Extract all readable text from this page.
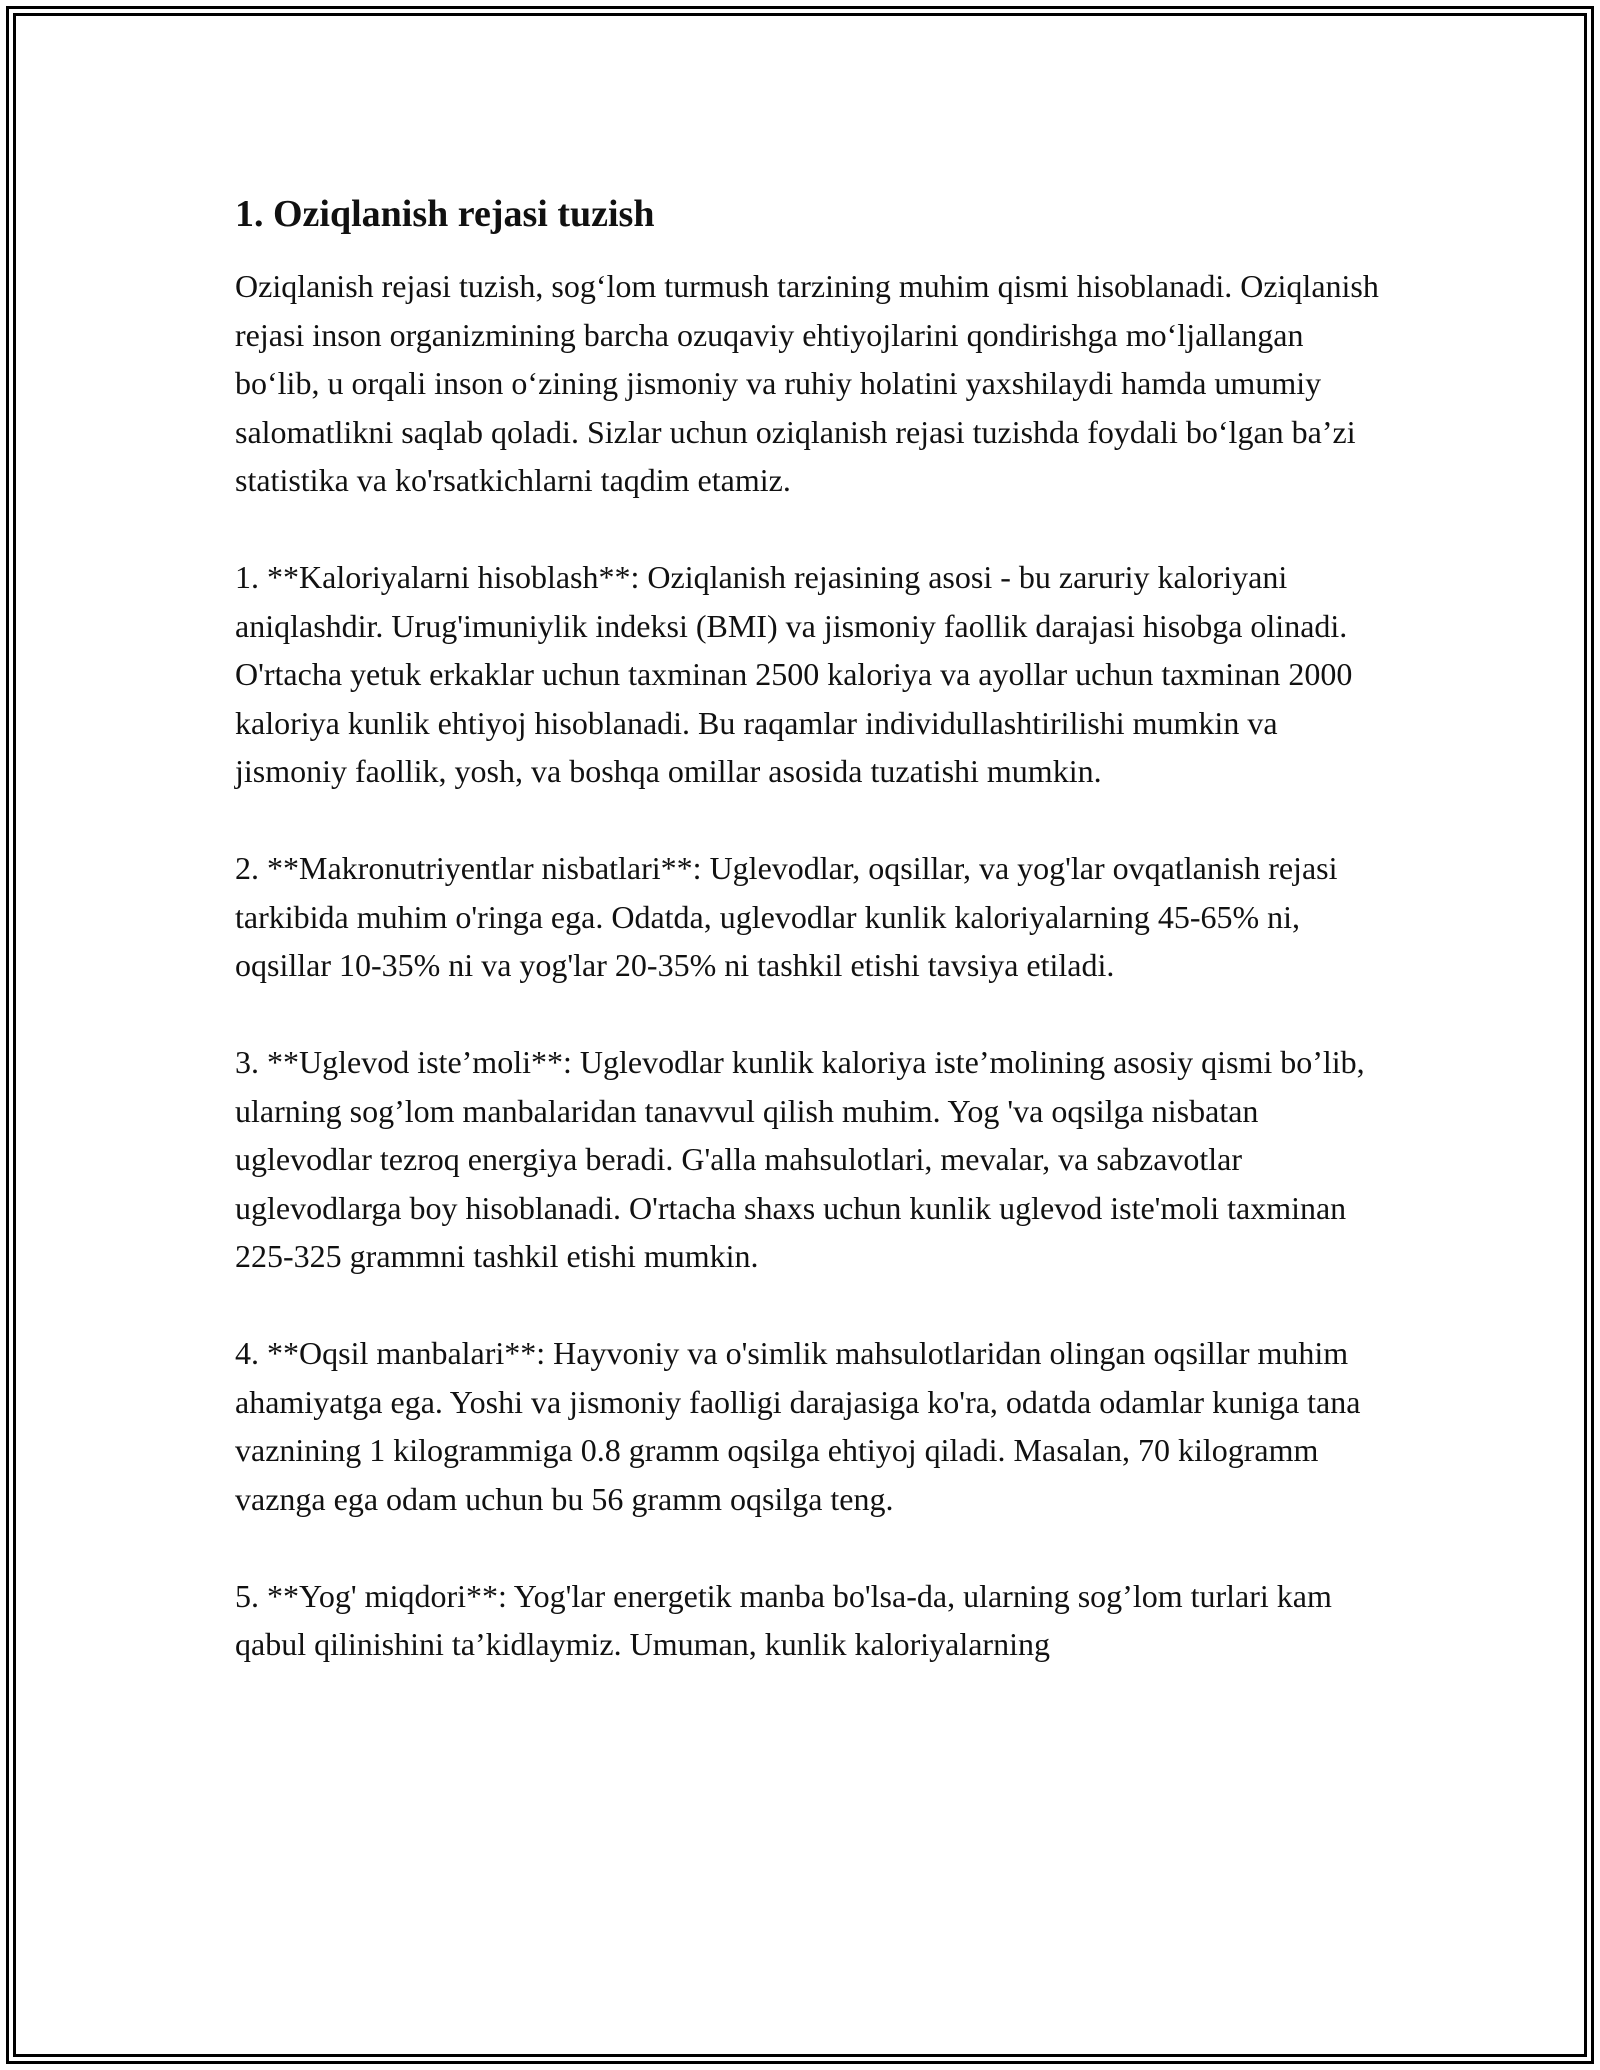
1. Oziqlanish rejasi tuzish

Oziqlanish rejasi tuzish, sog‘lom turmush tarzining muhim qismi hisoblanadi. Oziqlanish rejasi inson organizmining barcha ozuqaviy ehtiyojlarini qondirishga mo‘ljallangan bo‘lib, u orqali inson o‘zining jismoniy va ruhiy holatini yaxshilaydi hamda umumiy salomatlikni saqlab qoladi. Sizlar uchun oziqlanish rejasi tuzishda foydali bo‘lgan ba’zi statistika va ko'rsatkichlarni taqdim etamiz.

1. **Kaloriyalarni hisoblash**: Oziqlanish rejasining asosi - bu zaruriy kaloriyani aniqlashdir. Urug'imuniylik indeksi (BMI) va jismoniy faollik darajasi hisobga olinadi. O'rtacha yetuk erkaklar uchun taxminan 2500 kaloriya va ayollar uchun taxminan 2000 kaloriya kunlik ehtiyoj hisoblanadi. Bu raqamlar individullashtirilishi mumkin va jismoniy faollik, yosh, va boshqa omillar asosida tuzatishi mumkin.

2. **Makronutriyentlar nisbatlari**: Uglevodlar, oqsillar, va yog'lar ovqatlanish rejasi tarkibida muhim o'ringa ega. Odatda, uglevodlar kunlik kaloriyalarning 45-65% ni, oqsillar 10-35% ni va yog'lar 20-35% ni tashkil etishi tavsiya etiladi.

3. **Uglevod iste’moli**: Uglevodlar kunlik kaloriya iste’molining asosiy qismi bo’lib, ularning sog’lom manbalaridan tanavvul qilish muhim. Yog 'va oqsilga nisbatan uglevodlar tezroq energiya beradi. G'alla mahsulotlari, mevalar, va sabzavotlar uglevodlarga boy hisoblanadi. O'rtacha shaxs uchun kunlik uglevod iste'moli taxminan 225-325 grammni tashkil etishi mumkin.

4. **Oqsil manbalari**: Hayvoniy va o'simlik mahsulotlaridan olingan oqsillar muhim ahamiyatga ega. Yoshi va jismoniy faolligi darajasiga ko'ra, odatda odamlar kuniga tana vaznining 1 kilogrammiga 0.8 gramm oqsilga ehtiyoj qiladi. Masalan, 70 kilogramm vaznga ega odam uchun bu 56 gramm oqsilga teng.

5. **Yog' miqdori**: Yog'lar energetik manba bo'lsa-da, ularning sog’lom turlari kam qabul qilinishini ta’kidlaymiz. Umuman, kunlik kaloriyalarning
